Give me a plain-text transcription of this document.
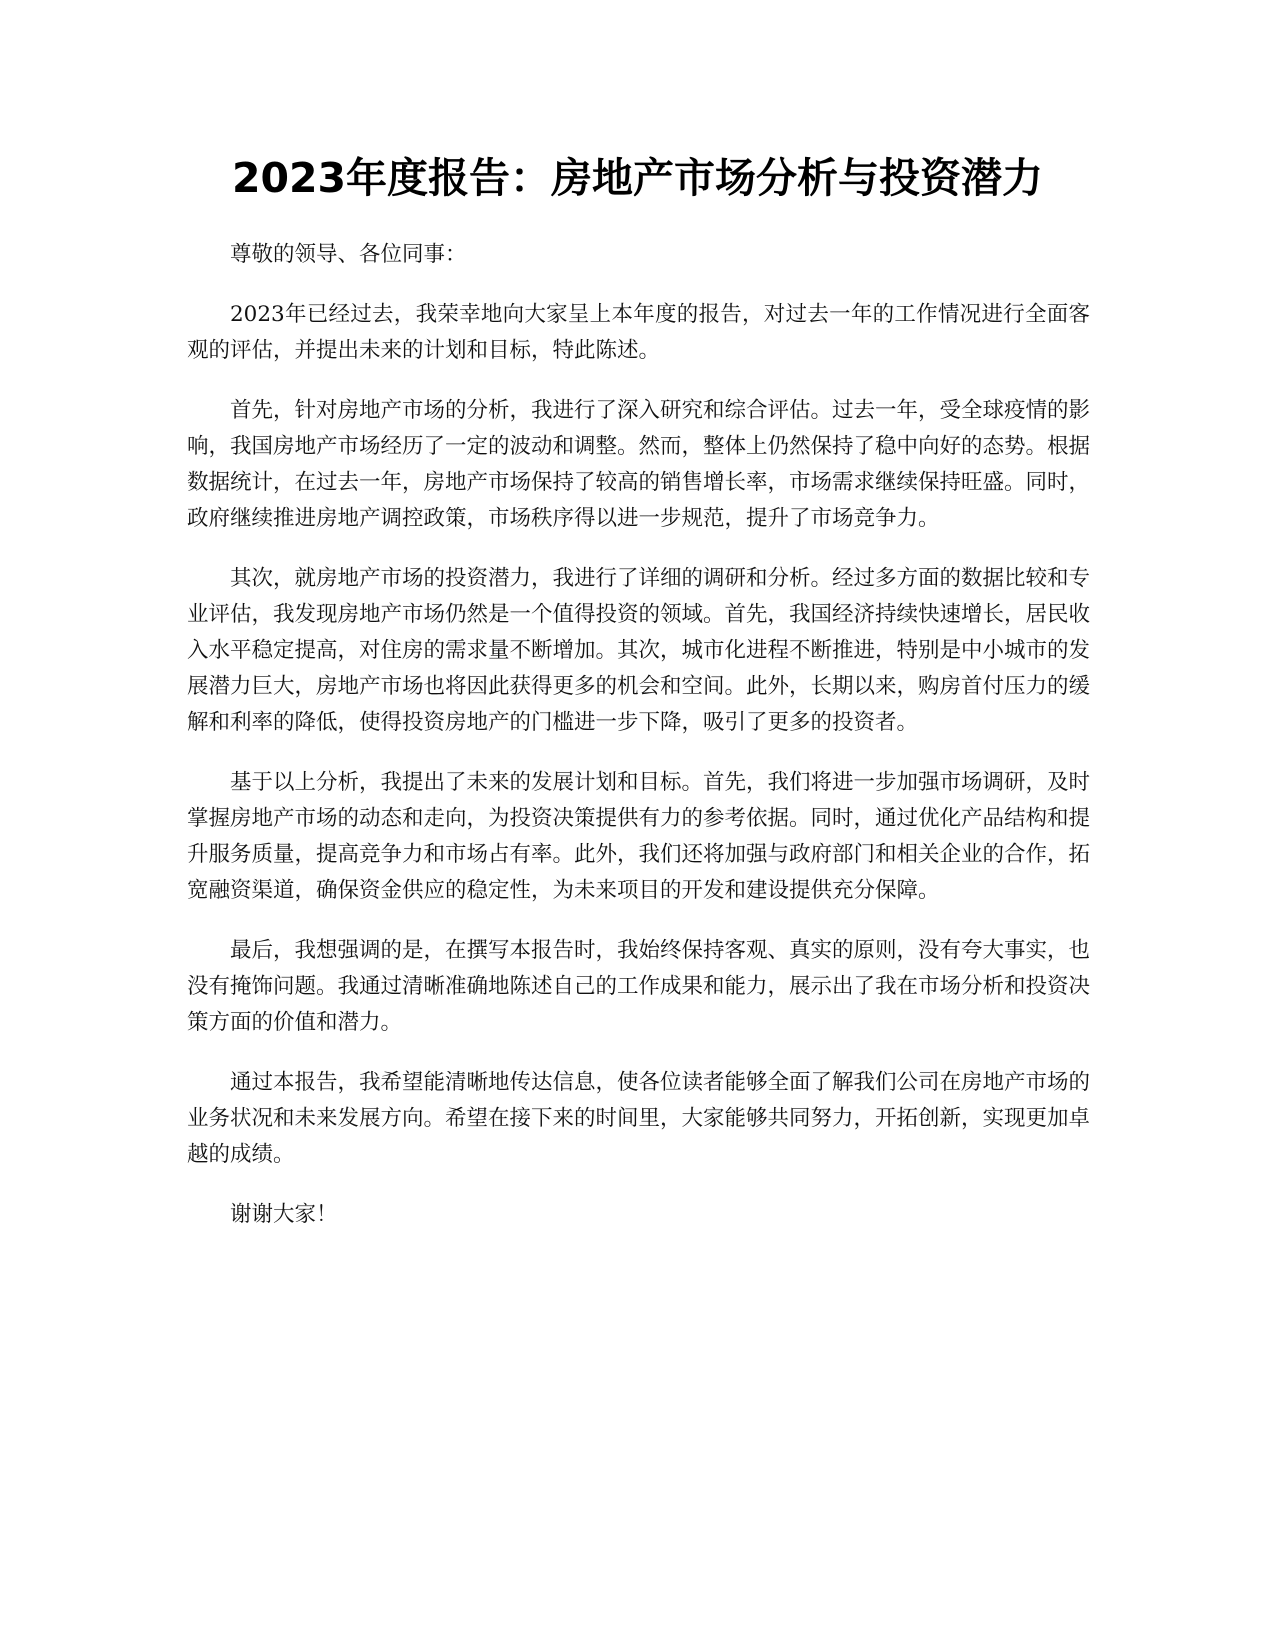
2023年度报告：房地产市场分析与投资潜力

尊敬的领导、各位同事：

2023年已经过去，我荣幸地向大家呈上本年度的报告，对过去一年的工作情况进行全面客观的评估，并提出未来的计划和目标，特此陈述。

首先，针对房地产市场的分析，我进行了深入研究和综合评估。过去一年，受全球疫情的影响，我国房地产市场经历了一定的波动和调整。然而，整体上仍然保持了稳中向好的态势。根据数据统计，在过去一年，房地产市场保持了较高的销售增长率，市场需求继续保持旺盛。同时，政府继续推进房地产调控政策，市场秩序得以进一步规范，提升了市场竞争力。

其次，就房地产市场的投资潜力，我进行了详细的调研和分析。经过多方面的数据比较和专业评估，我发现房地产市场仍然是一个值得投资的领域。首先，我国经济持续快速增长，居民收入水平稳定提高，对住房的需求量不断增加。其次，城市化进程不断推进，特别是中小城市的发展潜力巨大，房地产市场也将因此获得更多的机会和空间。此外，长期以来，购房首付压力的缓解和利率的降低，使得投资房地产的门槛进一步下降，吸引了更多的投资者。

基于以上分析，我提出了未来的发展计划和目标。首先，我们将进一步加强市场调研，及时掌握房地产市场的动态和走向，为投资决策提供有力的参考依据。同时，通过优化产品结构和提升服务质量，提高竞争力和市场占有率。此外，我们还将加强与政府部门和相关企业的合作，拓宽融资渠道，确保资金供应的稳定性，为未来项目的开发和建设提供充分保障。

最后，我想强调的是，在撰写本报告时，我始终保持客观、真实的原则，没有夸大事实，也没有掩饰问题。我通过清晰准确地陈述自己的工作成果和能力，展示出了我在市场分析和投资决策方面的价值和潜力。

通过本报告，我希望能清晰地传达信息，使各位读者能够全面了解我们公司在房地产市场的业务状况和未来发展方向。希望在接下来的时间里，大家能够共同努力，开拓创新，实现更加卓越的成绩。

谢谢大家！
